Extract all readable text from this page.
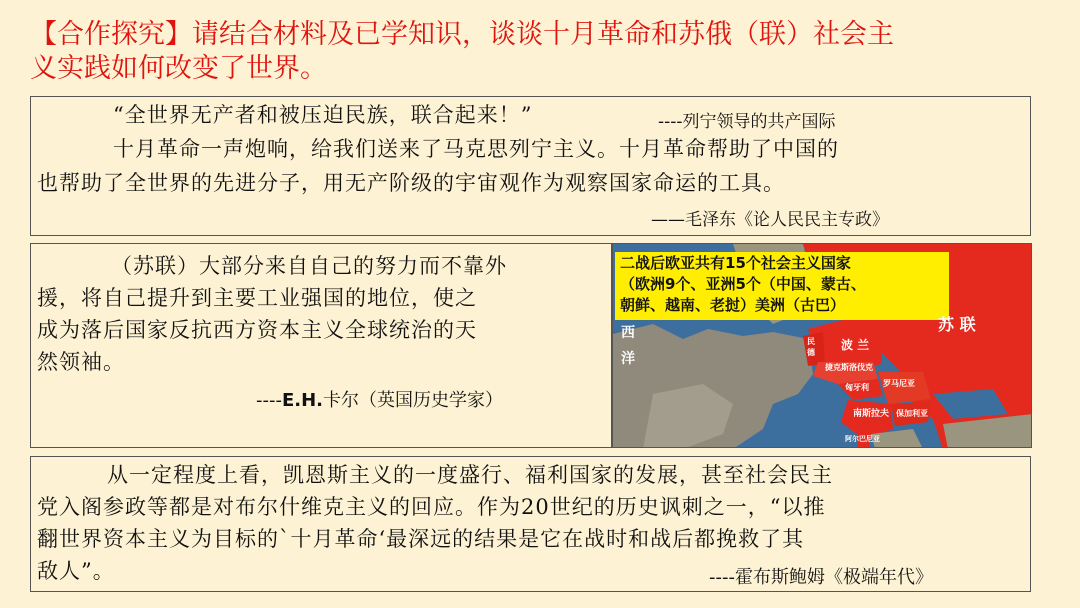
【合作探究】请结合材料及已学知识，谈谈十月革命和苏俄（联）社会主
义实践如何改变了世界。
“全世界无产者和被压迫民族，联合起来！”	----列宁领导的共产国际
十月革命一声炮响，给我们送来了马克思列宁主义。十月革命帮助了中国的
也帮助了全世界的先进分子，用无产阶级的宇宙观作为观察国家命运的工具。
——毛泽东《论人民民主专政》
（苏联）大部分来自自己的努力而不靠外
援，将自己提升到主要工业强国的地位，使之
成为落后国家反抗西方资本主义全球统治的天
然领袖。
----E.H.卡尔（英国历史学家）
二战后欧亚共有15个社会主义国家
（欧洲9个、亚洲5个（中国、蒙古、
朝鲜、越南、老挝）美洲（古巴）
苏 联
西
洋
波 兰
民 德
捷克斯洛伐克
匈牙利 罗马尼亚
南斯拉夫 保加利亚
阿尔巴尼亚
从一定程度上看，凯恩斯主义的一度盛行、福利国家的发展，甚至社会民主
党入阁参政等都是对布尔什维克主义的回应。作为20世纪的历史讽刺之一，“以推
翻世界资本主义为目标的`十月革命‘最深远的结果是它在战时和战后都挽救了其
敌人”。	----霍布斯鲍姆《极端年代》
